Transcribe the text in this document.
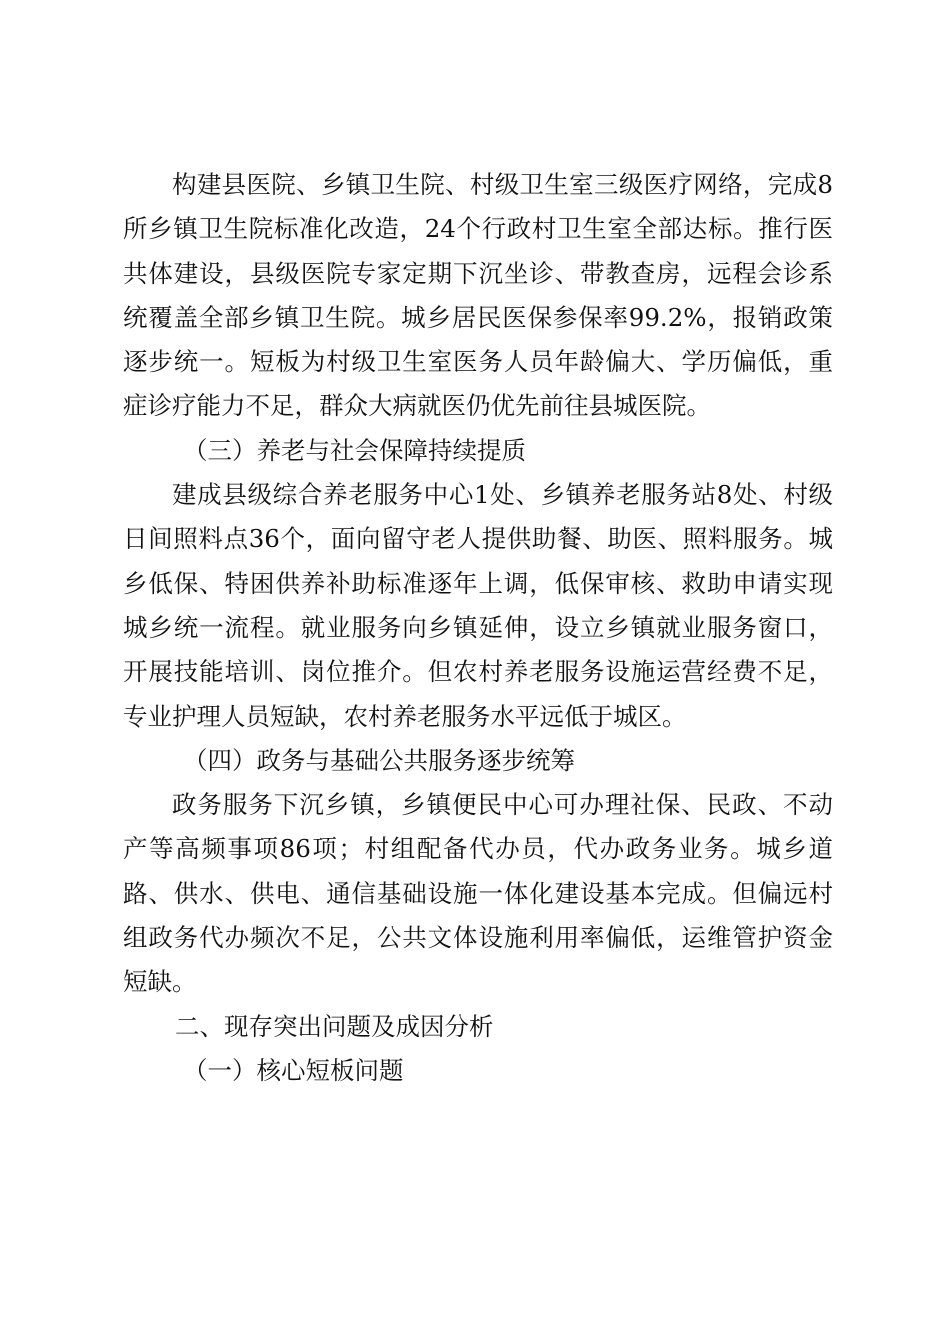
构建县医院、乡镇卫生院、村级卫生室三级医疗网络，完成8所乡镇卫生院标准化改造，24个行政村卫生室全部达标。推行医共体建设，县级医院专家定期下沉坐诊、带教查房，远程会诊系统覆盖全部乡镇卫生院。城乡居民医保参保率99.2%，报销政策逐步统一。短板为村级卫生室医务人员年龄偏大、学历偏低，重症诊疗能力不足，群众大病就医仍优先前往县城医院。

（三）养老与社会保障持续提质

建成县级综合养老服务中心1处、乡镇养老服务站8处、村级日间照料点36个，面向留守老人提供助餐、助医、照料服务。城乡低保、特困供养补助标准逐年上调，低保审核、救助申请实现城乡统一流程。就业服务向乡镇延伸，设立乡镇就业服务窗口，开展技能培训、岗位推介。但农村养老服务设施运营经费不足，专业护理人员短缺，农村养老服务水平远低于城区。

（四）政务与基础公共服务逐步统筹

政务服务下沉乡镇，乡镇便民中心可办理社保、民政、不动产等高频事项86项；村组配备代办员，代办政务业务。城乡道路、供水、供电、通信基础设施一体化建设基本完成。但偏远村组政务代办频次不足，公共文体设施利用率偏低，运维管护资金短缺。

二、现存突出问题及成因分析

（一）核心短板问题
